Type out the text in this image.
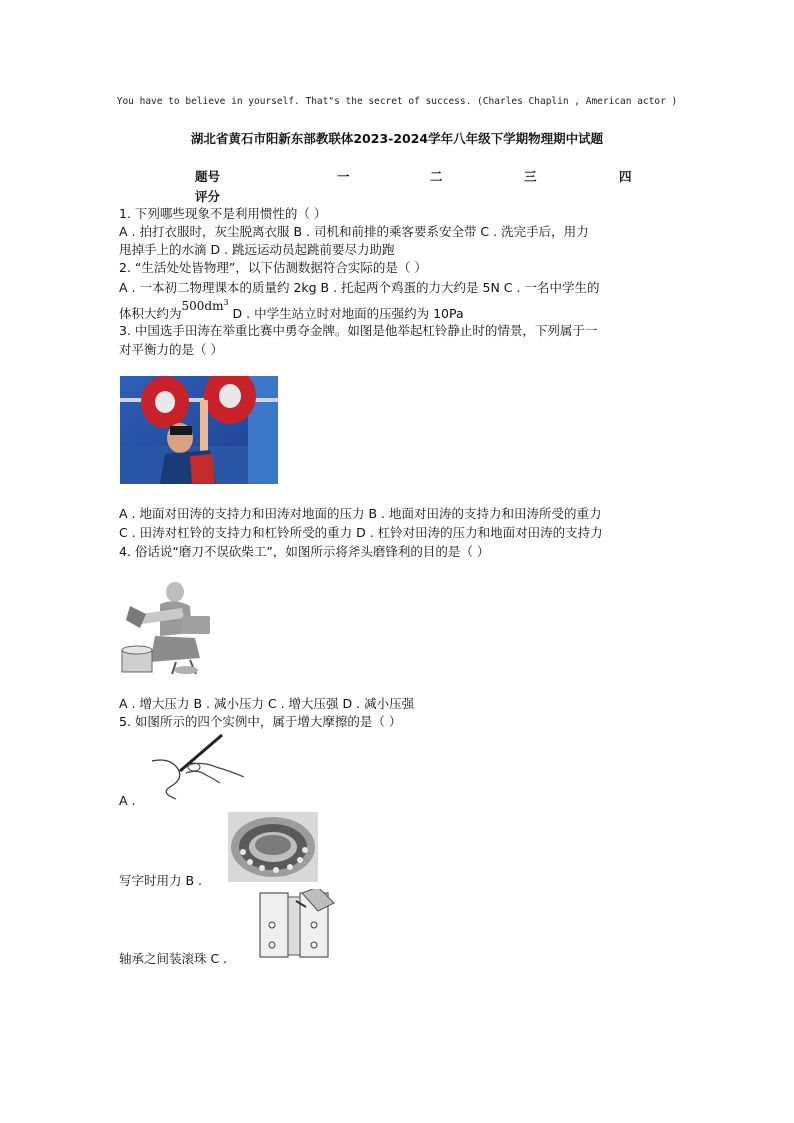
You have to believe in yourself. That"s the secret of success. (Charles Chaplin , American actor )
湖北省黄石市阳新东部教联体2023-2024学年八年级下学期物理期中试题
题号	一	二	三	四
评分
1. 下列哪些现象不是利用惯性的（ ）
A . 拍打衣服时，灰尘脱离衣服 B . 司机和前排的乘客要系安全带 C . 洗完手后，用力
甩掉手上的水滴 D . 跳远运动员起跳前要尽力助跑
2. “生活处处皆物理”，以下估测数据符合实际的是（ ）
A . 一本初二物理课本的质量约 2kg B . 托起两个鸡蛋的力大约是 5N C . 一名中学生的
体积大约为$500dm^3$ D . 中学生站立时对地面的压强约为 10Pa
3. 中国选手田涛在举重比赛中勇夺金牌。如图是他举起杠铃静止时的情景，下列属于一
对平衡力的是（ ）
A . 地面对田涛的支持力和田涛对地面的压力 B . 地面对田涛的支持力和田涛所受的重力
C . 田涛对杠铃的支持力和杠铃所受的重力 D . 杠铃对田涛的压力和地面对田涛的支持力
4. 俗话说“磨刀不误砍柴工”，如图所示将斧头磨锋利的目的是（ ）
A . 增大压力 B . 减小压力 C . 增大压强 D . 减小压强
5. 如图所示的四个实例中，属于增大摩擦的是（ ）
A .
写字时用力 B .
轴承之间装滚珠 C .
